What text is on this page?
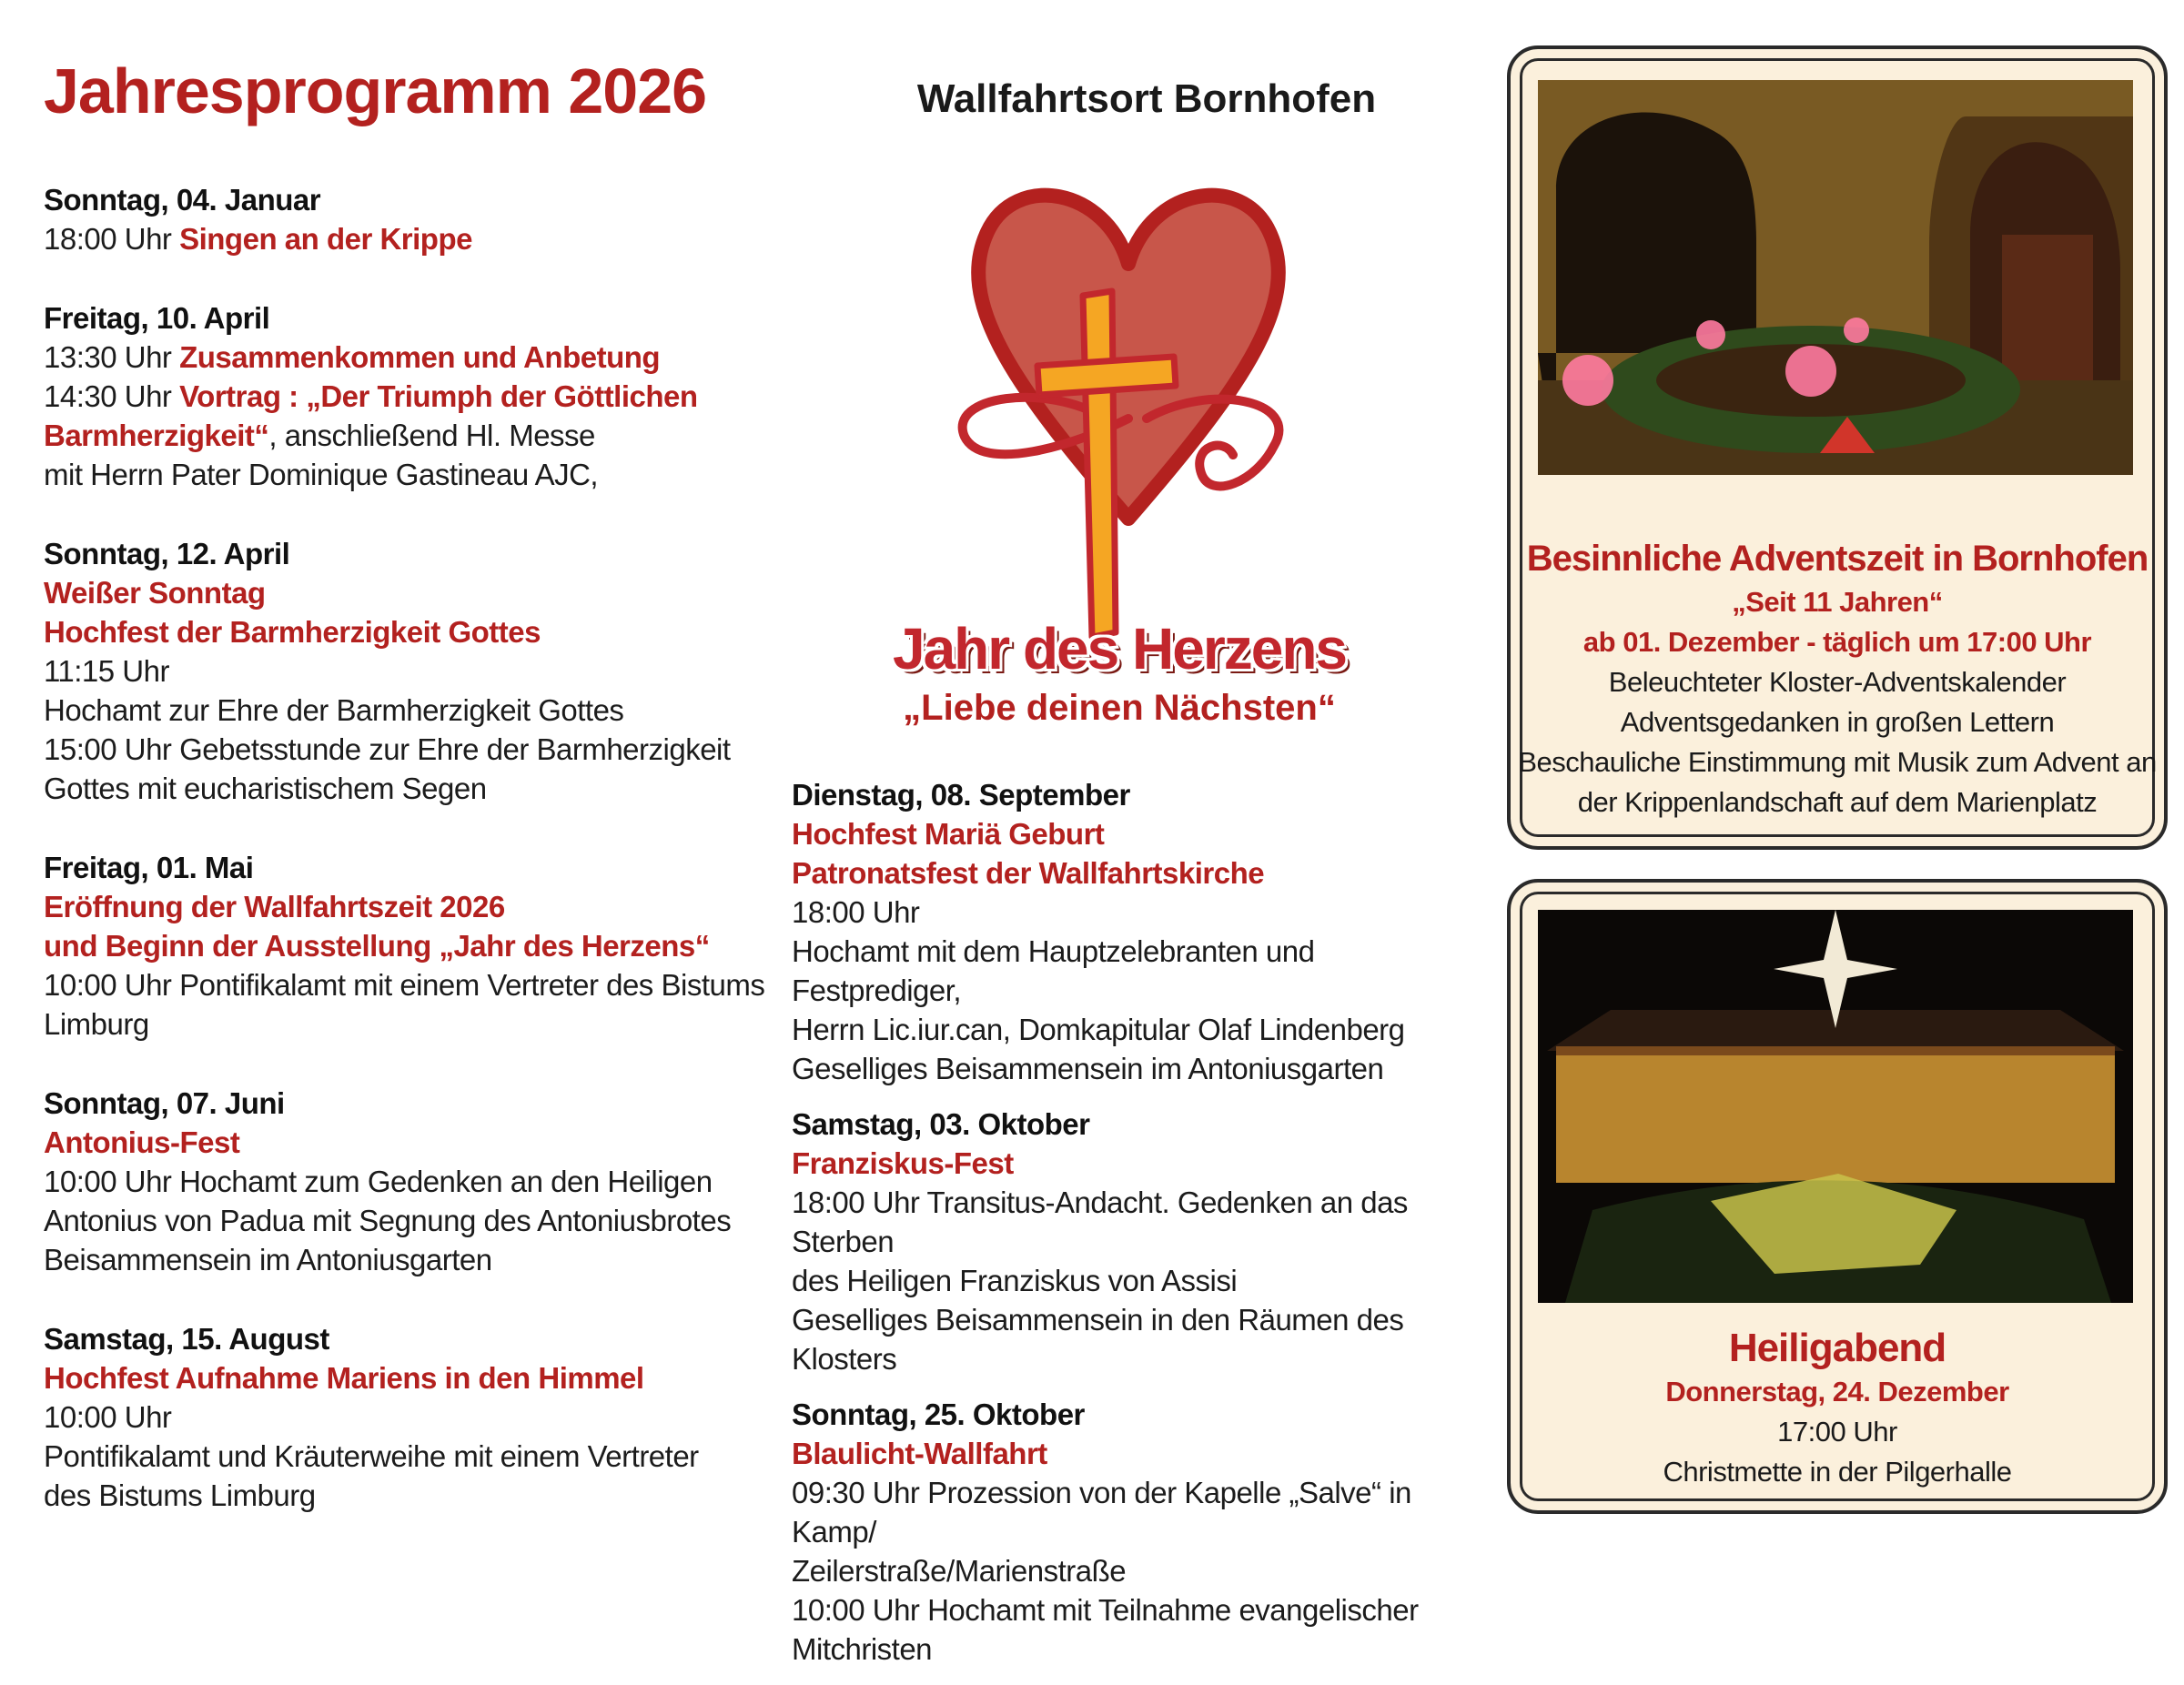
Jahresprogramm 2026
Sonntag, 04. Januar
18:00 Uhr Singen an der Krippe
Freitag, 10. April
13:30 Uhr Zusammenkommen und Anbetung
14:30 Uhr Vortrag : „Der Triumph der Göttlichen
Barmherzigkeit“, anschließend Hl. Messe
mit Herrn Pater Dominique Gastineau AJC,
Sonntag, 12. April
Weißer Sonntag
Hochfest der Barmherzigkeit Gottes
11:15 Uhr
Hochamt zur Ehre der Barmherzigkeit Gottes
15:00 Uhr Gebetsstunde zur Ehre der Barmherzigkeit
Gottes mit eucharistischem Segen
Freitag, 01. Mai
Eröffnung der Wallfahrtszeit 2026
und Beginn der Ausstellung „Jahr des Herzens“
10:00 Uhr Pontifikalamt mit einem Vertreter des Bistums
Limburg
Sonntag, 07. Juni
Antonius-Fest
10:00 Uhr Hochamt zum Gedenken an den Heiligen
Antonius von Padua mit Segnung des Antoniusbrotes
Beisammensein im Antoniusgarten
Samstag, 15. August
Hochfest Aufnahme Mariens in den Himmel
10:00 Uhr
Pontifikalamt und Kräuterweihe mit einem Vertreter
des Bistums Limburg
Wallfahrtsort Bornhofen
Jahr des Herzens
„Liebe deinen Nächsten“
Dienstag, 08. September
Hochfest Mariä Geburt
Patronatsfest der Wallfahrtskirche
18:00 Uhr
Hochamt mit dem Hauptzelebranten und Festprediger,
Herrn Lic.iur.can, Domkapitular Olaf Lindenberg
Geselliges Beisammensein im Antoniusgarten
Samstag, 03. Oktober
Franziskus-Fest
18:00 Uhr Transitus-Andacht. Gedenken an das Sterben
des Heiligen Franziskus von Assisi
Geselliges Beisammensein in den Räumen des Klosters
Sonntag, 25. Oktober
Blaulicht-Wallfahrt
09:30 Uhr Prozession von der Kapelle „Salve“ in Kamp/
Zeilerstraße/Marienstraße
10:00 Uhr Hochamt mit Teilnahme evangelischer
Mitchristen
Besinnliche Adventszeit in Bornhofen
„Seit 11 Jahren“
ab 01. Dezember - täglich um 17:00 Uhr
Beleuchteter Kloster-Adventskalender
Adventsgedanken in großen Lettern
Beschauliche Einstimmung mit Musik zum Advent an
der Krippenlandschaft auf dem Marienplatz
Heiligabend
Donnerstag, 24. Dezember
17:00 Uhr
Christmette in der Pilgerhalle
